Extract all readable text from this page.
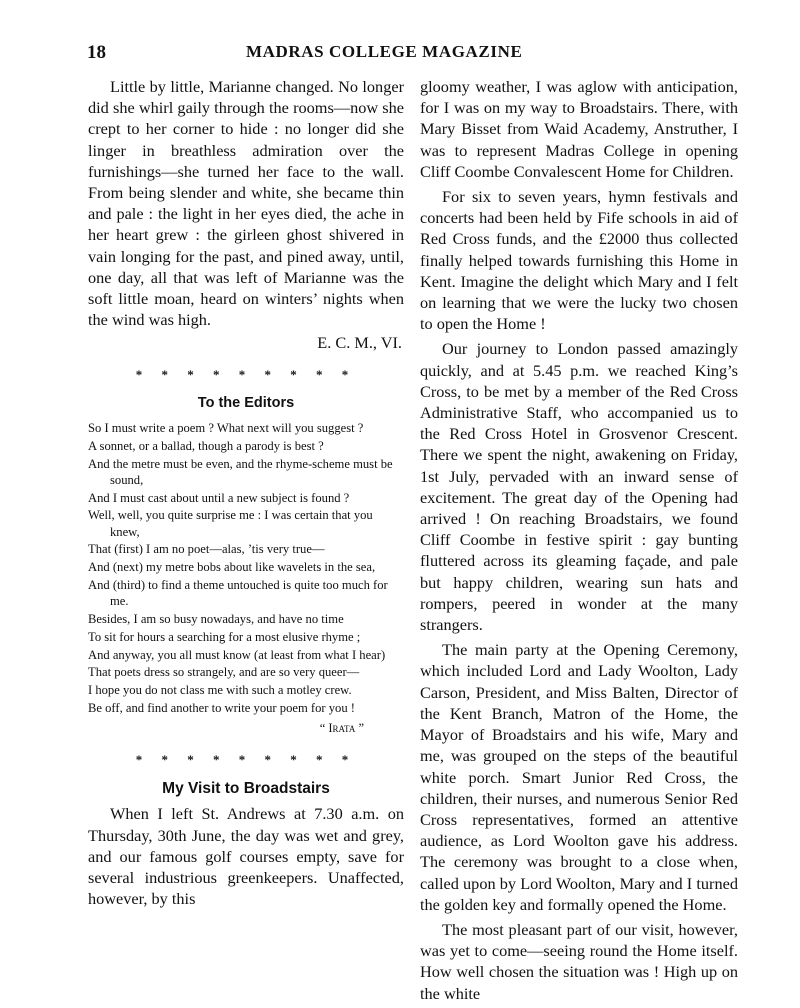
18	MADRAS COLLEGE MAGAZINE

Little by little, Marianne changed. No longer did she whirl gaily through the rooms—now she crept to her corner to hide : no longer did she linger in breathless admiration over the furnishings—she turned her face to the wall. From being slender and white, she became thin and pale : the light in her eyes died, the ache in her heart grew : the girleen ghost shivered in vain longing for the past, and pined away, until, one day, all that was left of Marianne was the soft little moan, heard on winters’ nights when the wind was high.

E. C. M., VI.
* * * * * * * * *
To the Editors
So I must write a poem ? What next will you suggest ?
A sonnet, or a ballad, though a parody is best ?
And the metre must be even, and the rhyme-scheme must be sound,
And I must cast about until a new subject is found ?
Well, well, you quite surprise me : I was certain that you knew,
That (first) I am no poet—alas, ’tis very true—
And (next) my metre bobs about like wavelets in the sea,
And (third) to find a theme untouched is quite too much for me.
Besides, I am so busy nowadays, and have no time
To sit for hours a searching for a most elusive rhyme ;
And anyway, you all must know (at least from what I hear)
That poets dress so strangely, and are so very queer—
I hope you do not class me with such a motley crew.
Be off, and find another to write your poem for you !
“ Irata ”
* * * * * * * * *
My Visit to Broadstairs

When I left St. Andrews at 7.30 a.m. on Thursday, 30th June, the day was wet and grey, and our famous golf courses empty, save for several industrious greenkeepers. Unaffected, however, by this

gloomy weather, I was aglow with anticipation, for I was on my way to Broadstairs. There, with Mary Bisset from Waid Academy, Anstruther, I was to represent Madras College in opening Cliff Coombe Convalescent Home for Children.

For six to seven years, hymn festivals and concerts had been held by Fife schools in aid of Red Cross funds, and the £2000 thus collected finally helped towards furnishing this Home in Kent. Imagine the delight which Mary and I felt on learning that we were the lucky two chosen to open the Home !

Our journey to London passed amazingly quickly, and at 5.45 p.m. we reached King’s Cross, to be met by a member of the Red Cross Administrative Staff, who accompanied us to the Red Cross Hotel in Grosvenor Crescent. There we spent the night, awakening on Friday, 1st July, pervaded with an inward sense of excitement. The great day of the Opening had arrived ! On reaching Broadstairs, we found Cliff Coombe in festive spirit : gay bunting fluttered across its gleaming façade, and pale but happy children, wearing sun hats and rompers, peered in wonder at the many strangers.

The main party at the Opening Ceremony, which included Lord and Lady Woolton, Lady Carson, President, and Miss Balten, Director of the Kent Branch, Matron of the Home, the Mayor of Broadstairs and his wife, Mary and me, was grouped on the steps of the beautiful white porch. Smart Junior Red Cross, the children, their nurses, and numerous Senior Red Cross representatives, formed an attentive audience, as Lord Woolton gave his address. The ceremony was brought to a close when, called upon by Lord Woolton, Mary and I turned the golden key and formally opened the Home.

The most pleasant part of our visit, however, was yet to come—seeing round the Home itself. How well chosen the situation was ! High up on the white
